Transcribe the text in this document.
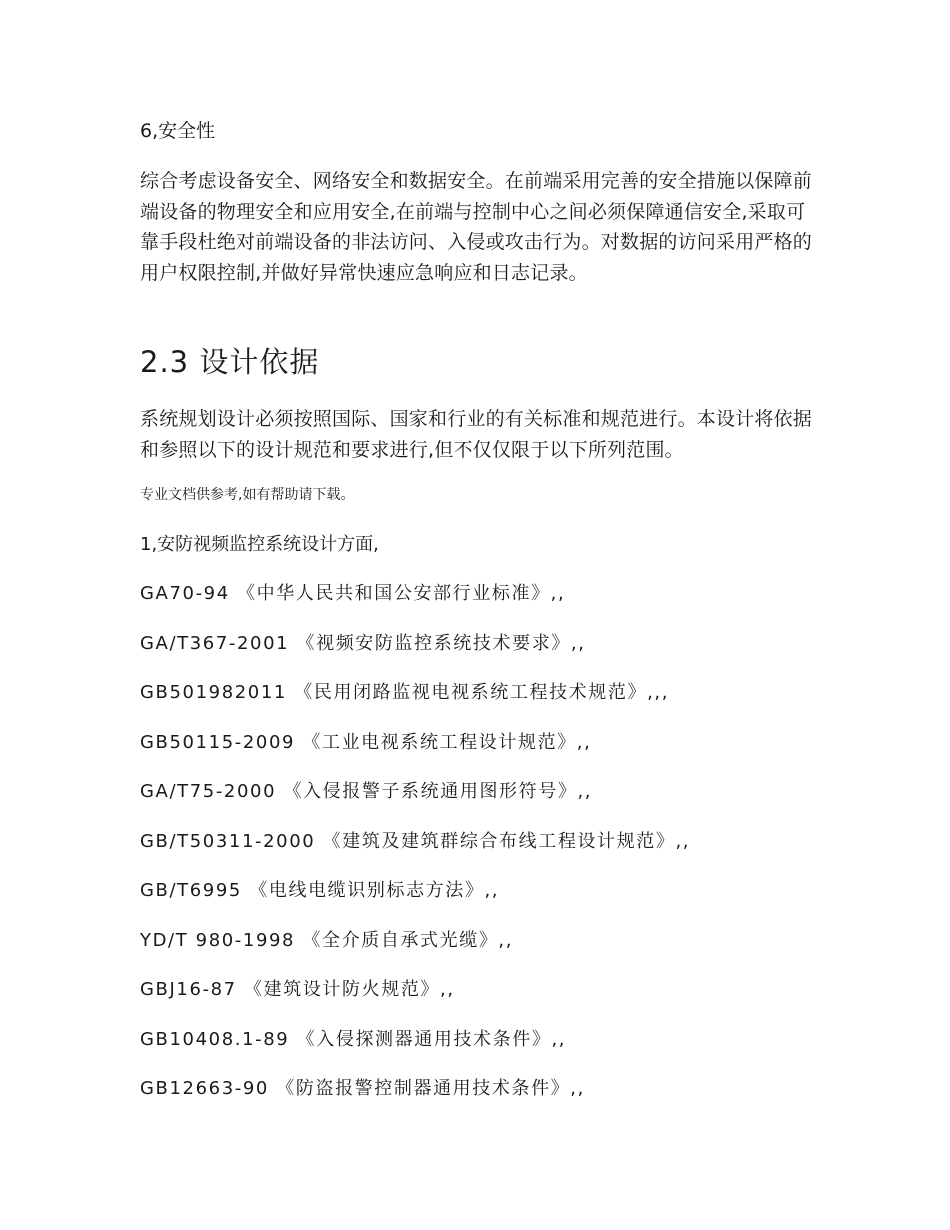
6,安全性
综合考虑设备安全、网络安全和数据安全。在前端采用完善的安全措施以保障前端设备的物理安全和应用安全,在前端与控制中心之间必须保障通信安全,采取可靠手段杜绝对前端设备的非法访问、入侵或攻击行为。对数据的访问采用严格的用户权限控制,并做好异常快速应急响应和日志记录。
2.3 设计依据
系统规划设计必须按照国际、国家和行业的有关标准和规范进行。本设计将依据和参照以下的设计规范和要求进行,但不仅仅限于以下所列范围。
专业文档供参考,如有帮助请下载。
1,安防视频监控系统设计方面,
GA70-94 《中华人民共和国公安部行业标准》,,
GA/T367-2001 《视频安防监控系统技术要求》,,
GB501982011 《民用闭路监视电视系统工程技术规范》,,,
GB50115-2009 《工业电视系统工程设计规范》,,
GA/T75-2000 《入侵报警子系统通用图形符号》,,
GB/T50311-2000 《建筑及建筑群综合布线工程设计规范》,,
GB/T6995 《电线电缆识别标志方法》,,
YD/T 980-1998 《全介质自承式光缆》,,
GBJ16-87 《建筑设计防火规范》,,
GB10408.1-89 《入侵探测器通用技术条件》,,
GB12663-90 《防盗报警控制器通用技术条件》,,
